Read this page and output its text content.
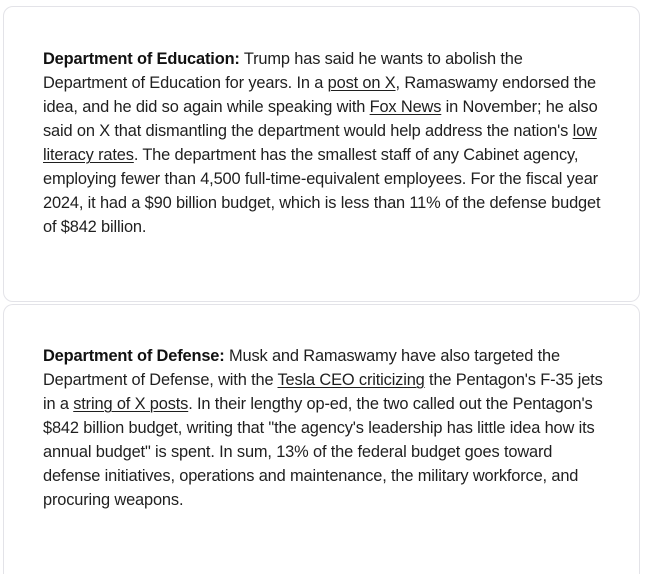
Department of Education: Trump has said he wants to abolish the Department of Education for years. In a post on X, Ramaswamy endorsed the idea, and he did so again while speaking with Fox News in November; he also said on X that dismantling the department would help address the nation's low literacy rates. The department has the smallest staff of any Cabinet agency, employing fewer than 4,500 full-time-equivalent employees. For the fiscal year 2024, it had a $90 billion budget, which is less than 11% of the defense budget of $842 billion.

Department of Defense: Musk and Ramaswamy have also targeted the Department of Defense, with the Tesla CEO criticizing the Pentagon's F-35 jets in a string of X posts. In their lengthy op-ed, the two called out the Pentagon's $842 billion budget, writing that "the agency's leadership has little idea how its annual budget" is spent. In sum, 13% of the federal budget goes toward defense initiatives, operations and maintenance, the military workforce, and procuring weapons.
